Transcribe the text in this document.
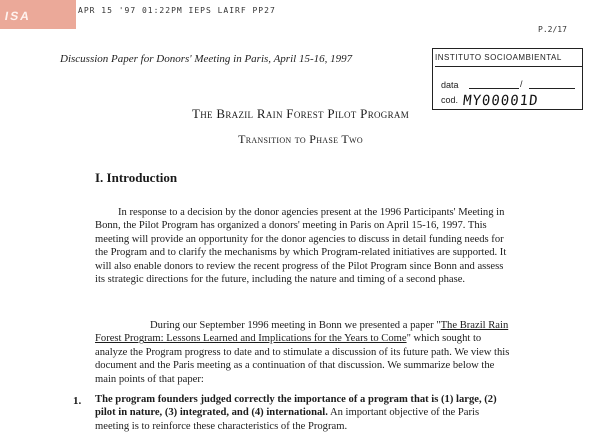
ISA	APR 15 '97 01:22PM IEPS LAIRF PP27
P.2/17
Discussion Paper for Donors' Meeting in Paris, April 15-16, 1997	INSTITUTO SOCIOAMBIENTAL
data	/
cod. MY00001D
The Brazil Rain Forest Pilot Program
Transition to Phase Two
I. Introduction
In response to a decision by the donor agencies present at the 1996 Participants' Meeting in Bonn, the Pilot Program has organized a donors' meeting in Paris on April 15-16, 1997. This meeting will provide an opportunity for the donor agencies to discuss in detail funding needs for the Program and to clarify the mechanisms by which Program-related initiatives are supported. It will also enable donors to review the recent progress of the Pilot Program since Bonn and assess its strategic directions for the future, including the nature and timing of a second phase.
During our September 1996 meeting in Bonn we presented a paper "The Brazil Rain Forest Program: Lessons Learned and Implications for the Years to Come" which sought to analyze the Program progress to date and to stimulate a discussion of its future path. We view this document and the Paris meeting as a continuation of that discussion. We summarize below the main points of that paper:
1. The program founders judged correctly the importance of a program that is (1) large, (2) pilot in nature, (3) integrated, and (4) international. An important objective of the Paris meeting is to reinforce these characteristics of the Program.
